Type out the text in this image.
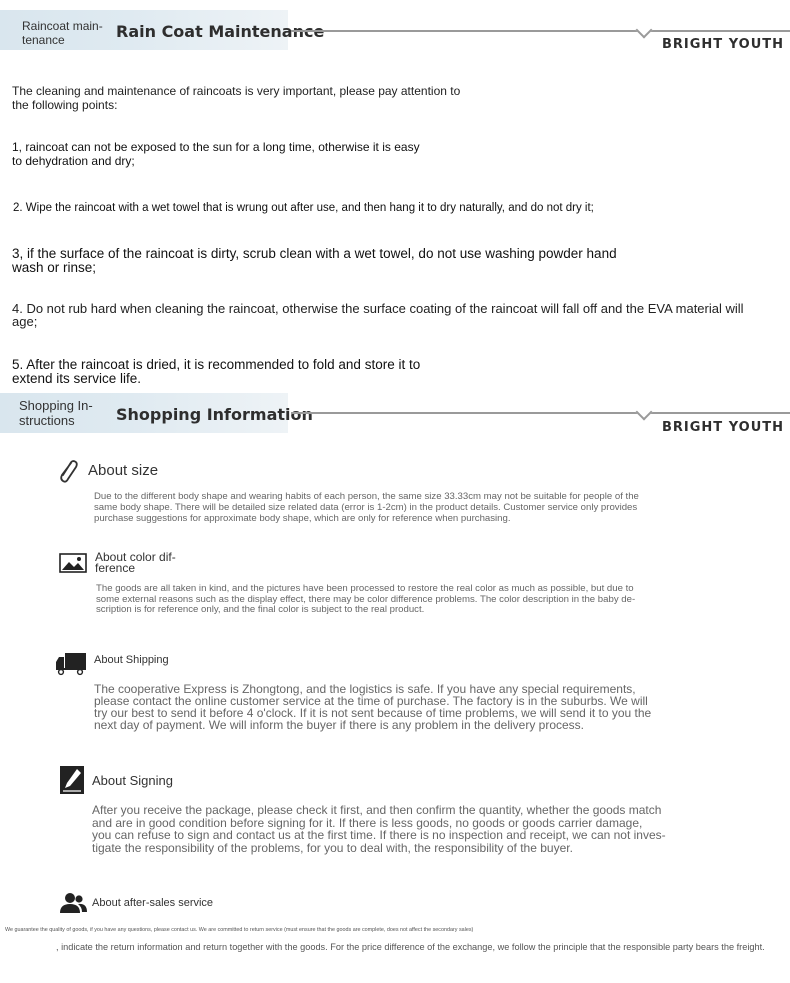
Raincoat main-
tenance	Rain Coat Maintenance
BRIGHT YOUTH
The cleaning and maintenance of raincoats is very important, please pay attention to
the following points:
1, raincoat can not be exposed to the sun for a long time, otherwise it is easy
to dehydration and dry;
2. Wipe the raincoat with a wet towel that is wrung out after use, and then hang it to dry naturally, and do not dry it;
3, if the surface of the raincoat is dirty, scrub clean with a wet towel, do not use washing powder hand
wash or rinse;
4. Do not rub hard when cleaning the raincoat, otherwise the surface coating of the raincoat will fall off and the EVA material will
age;
5. After the raincoat is dried, it is recommended to fold and store it to
extend its service life.
Shopping In-
structions	Shopping Information
BRIGHT YOUTH
About size
Due to the different body shape and wearing habits of each person, the same size 33.33cm may not be suitable for people of the
same body shape. There will be detailed size related data (error is 1-2cm) in the product details. Customer service only provides
purchase suggestions for approximate body shape, which are only for reference when purchasing.
About color dif-
ference
The goods are all taken in kind, and the pictures have been processed to restore the real color as much as possible, but due to
some external reasons such as the display effect, there may be color difference problems. The color description in the baby de-
scription is for reference only, and the final color is subject to the real product.
About Shipping
The cooperative Express is Zhongtong, and the logistics is safe. If you have any special requirements,
please contact the online customer service at the time of purchase. The factory is in the suburbs. We will
try our best to send it before 4 o'clock. If it is not sent because of time problems, we will send it to you the
next day of payment. We will inform the buyer if there is any problem in the delivery process.
About Signing
After you receive the package, please check it first, and then confirm the quantity, whether the goods match
and are in good condition before signing for it. If there is less goods, no goods or goods carrier damage,
you can refuse to sign and contact us at the first time. If there is no inspection and receipt, we can not inves-
tigate the responsibility of the problems, for you to deal with, the responsibility of the buyer.
About after-sales service
We guarantee the quality of goods, if you have any questions, please contact us. We are committed to return service (must ensure that the goods are complete, does not affect the secondary sales)
, indicate the return information and return together with the goods. For the price difference of the exchange, we follow the principle that the responsible party bears the freight.
